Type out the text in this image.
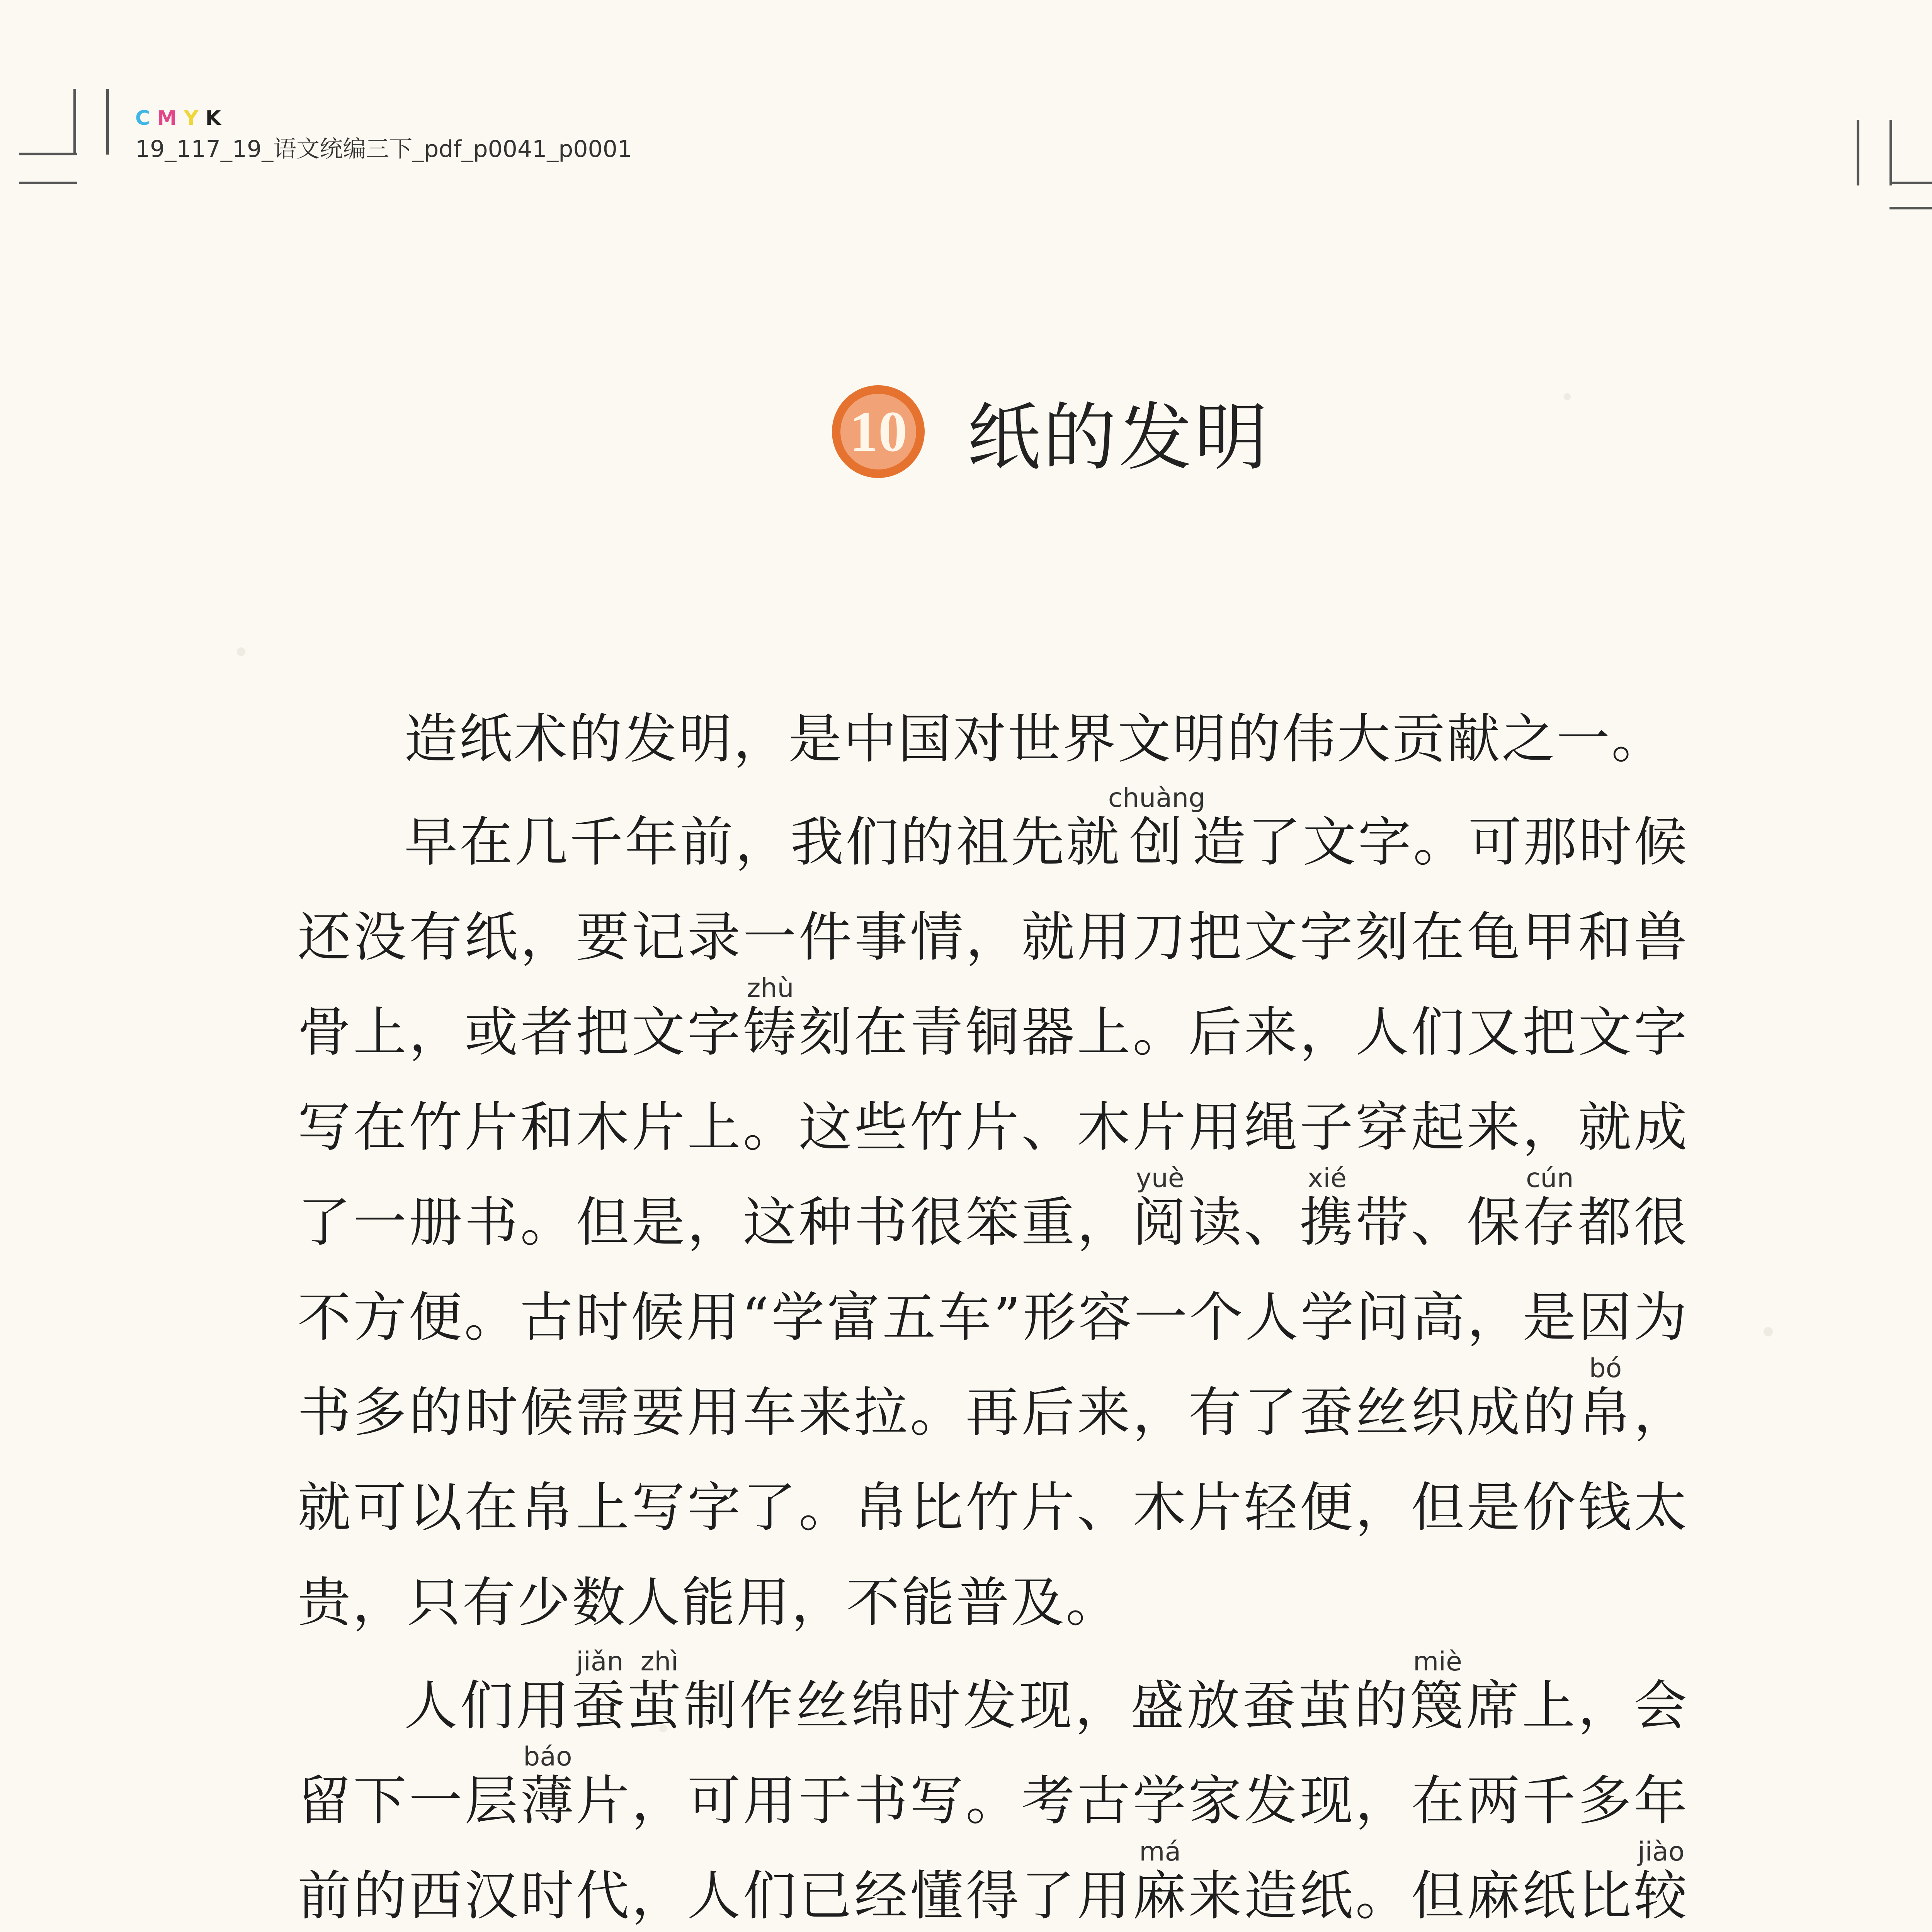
CMYK
19_117_19_语文统编三下_pdf_p0041_p0001
10 纸的发明

造纸术的发明，是中国对世界文明的伟大贡献之一。

早在几千年前，我们的祖先就创chuàng造了文字。可那时候还没有纸，要记录一件事情，就用刀把文字刻在龟甲和兽骨上，或者把文字铸zhù刻在青铜器上。后来，人们又把文字写在竹片和木片上。这些竹片、木片用绳子穿起来，就成了一册书。但是，这种书很笨重，阅yuè读、携xié带、保存cún都很不方便。古时候用“学富五车”形容一个人学问高，是因为书多的时候需要用车来拉。再后来，有了蚕丝织成的帛bó，就可以在帛上写字了。帛比竹片、木片轻便，但是价钱太贵，只有少数人能用，不能普及。

人们用蚕茧jiǎn zhì制作丝绵时发现，盛放蚕茧的篾miè席上，会留下一层薄báo片，可用于书写。考古学家发现，在两千多年前的西汉时代，人们已经懂得了用麻má来造纸。但麻纸比较jiào
